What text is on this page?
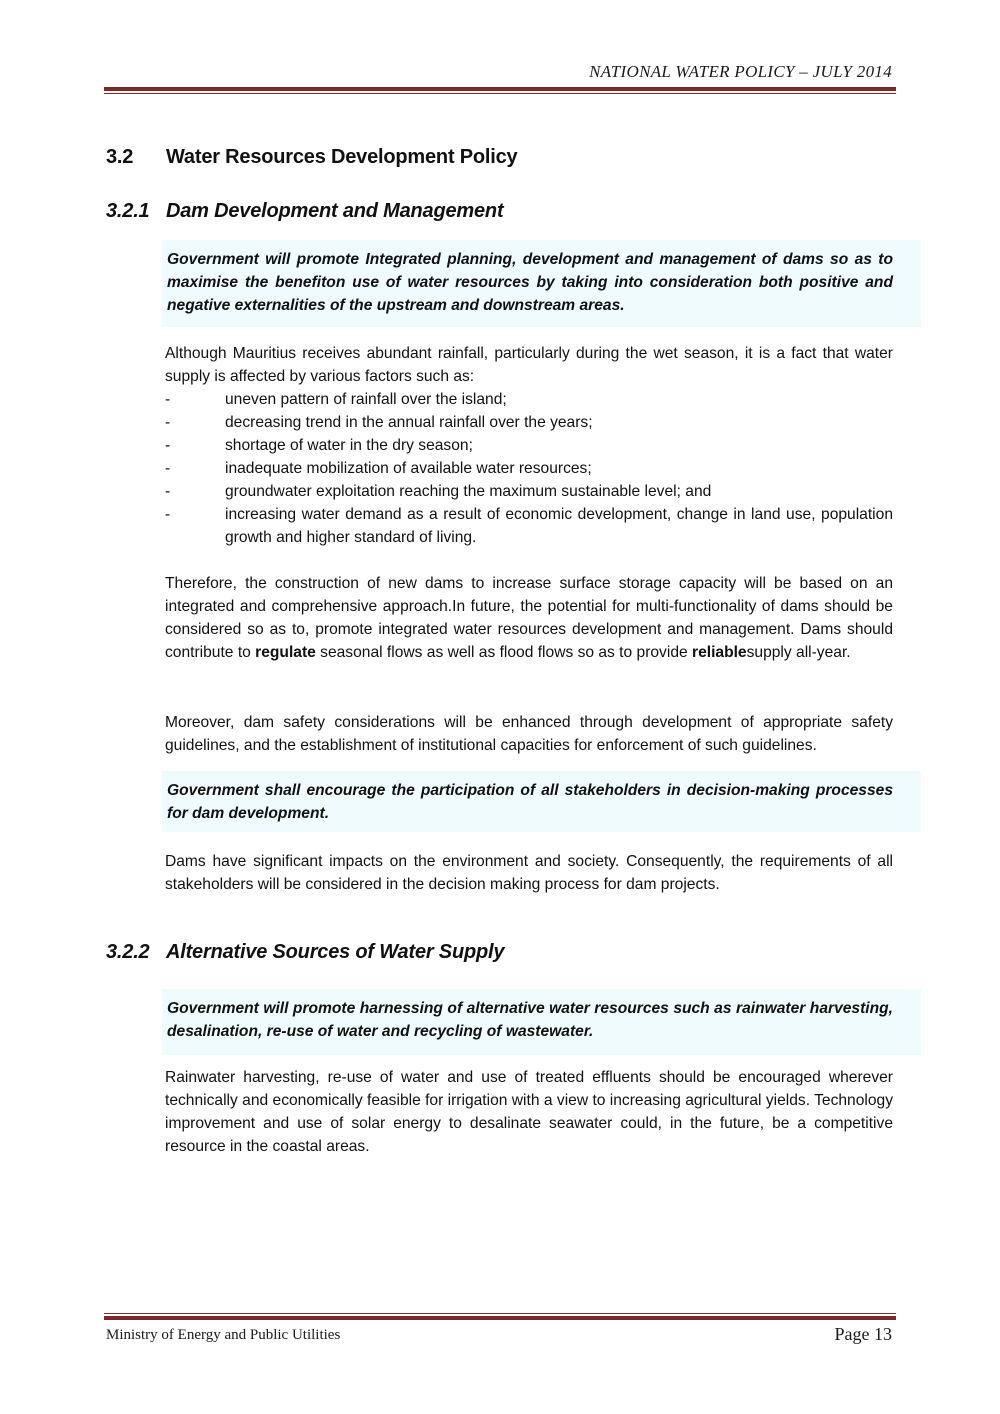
NATIONAL WATER POLICY – JULY 2014
3.2 Water Resources Development Policy
3.2.1 Dam Development and Management
Government will promote Integrated planning, development and management of dams so as to maximise the benefiton use of water resources by taking into consideration both positive and negative externalities of the upstream and downstream areas.
Although Mauritius receives abundant rainfall, particularly during the wet season, it is a fact that water supply is affected by various factors such as:
-	uneven pattern of rainfall over the island;
-	decreasing trend in the annual rainfall over the years;
-	shortage of water in the dry season;
-	inadequate mobilization of available water resources;
-	groundwater exploitation reaching the maximum sustainable level; and
-	increasing water demand as a result of economic development, change in land use, population growth and higher standard of living.

Therefore, the construction of new dams to increase surface storage capacity will be based on an integrated and comprehensive approach.In future, the potential for multi-functionality of dams should be considered so as to, promote integrated water resources development and management. Dams should contribute to regulate seasonal flows as well as flood flows so as to provide reliablesupply all-year.

Moreover, dam safety considerations will be enhanced through development of appropriate safety guidelines, and the establishment of institutional capacities for enforcement of such guidelines.
Government shall encourage the participation of all stakeholders in decision-making processes for dam development.
Dams have significant impacts on the environment and society. Consequently, the requirements of all stakeholders will be considered in the decision making process for dam projects.
3.2.2 Alternative Sources of Water Supply
Government will promote harnessing of alternative water resources such as rainwater harvesting, desalination, re-use of water and recycling of wastewater.
Rainwater harvesting, re-use of water and use of treated effluents should be encouraged wherever technically and economically feasible for irrigation with a view to increasing agricultural yields. Technology improvement and use of solar energy to desalinate seawater could, in the future, be a competitive resource in the coastal areas.
Ministry of Energy and Public Utilities	Page 13
